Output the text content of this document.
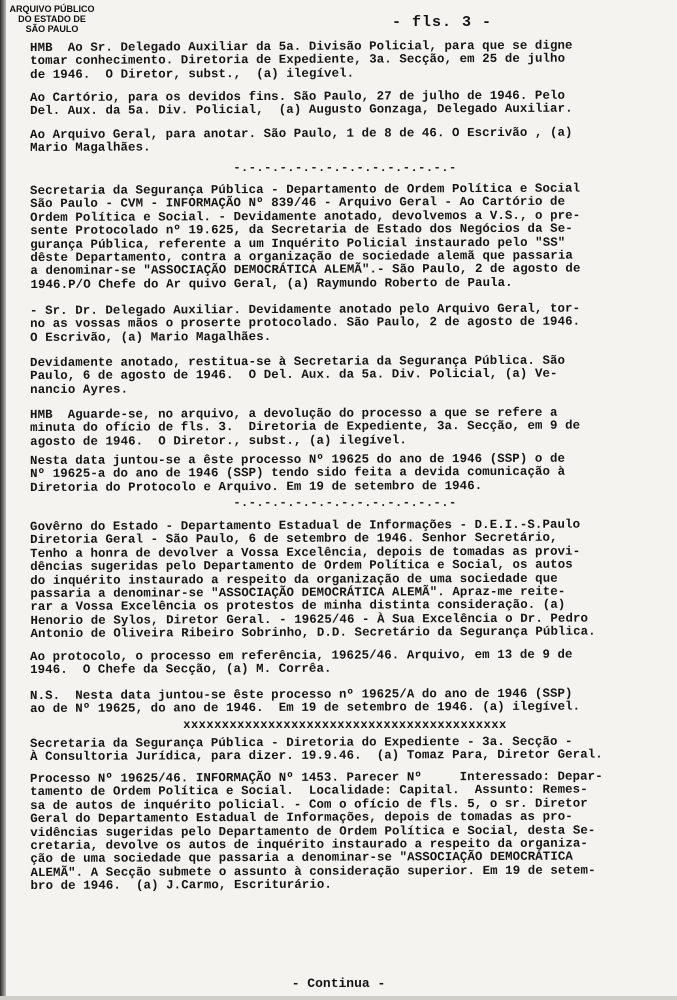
ARQUIVO PÚBLICO
DO ESTADO DE
SÃO PAULO	- fls. 3 -

HMB  Ao Sr. Delegado Auxiliar da 5a. Divisão Policial, para que se digne
tomar conhecimento. Diretoria de Expediente, 3a. Secção, em 25 de julho
de 1946.  O Diretor, subst.,  (a) ilegível.

Ao Cartório, para os devidos fins. São Paulo, 27 de julho de 1946. Pelo
Del. Aux. da 5a. Div. Policial,  (a) Augusto Gonzaga, Delegado Auxiliar.

Ao Arquivo Geral, para anotar. São Paulo, 1 de 8 de 46. O Escrivão , (a)
Mario Magalhães.

-.-.-.-.-.-.-.-.-.-.-.-.-.-.-

Secretaria da Segurança Pública - Departamento de Ordem Política e Social
São Paulo - CVM - INFORMAÇÃO Nº 839/46 - Arquivo Geral - Ao Cartório de
Ordem Política e Social. - Devidamente anotado, devolvemos a V.S., o pre-
sente Protocolado nº 19.625, da Secretaria de Estado dos Negócios da Se-
gurança Pública, referente a um Inquérito Policial instaurado pelo "SS"
dêste Departamento, contra a organização de sociedade alemã que passaria
a denominar-se "ASSOCIAÇÃO DEMOCRÁTICA ALEMÃ".- São Paulo, 2 de agosto de
1946.P/O Chefe do Ar quivo Geral, (a) Raymundo Roberto de Paula.

- Sr. Dr. Delegado Auxiliar. Devidamente anotado pelo Arquivo Geral, tor-
no as vossas mãos o proserte protocolado. São Paulo, 2 de agosto de 1946.
O Escrivão, (a) Mario Magalhães.

Devidamente anotado, restitua-se à Secretaria da Segurança Pública. São
Paulo, 6 de agosto de 1946.  O Del. Aux. da 5a. Div. Policial, (a) Ve-
nancio Ayres.

HMB  Aguarde-se, no arquivo, a devolução do processo a que se refere a
minuta do ofício de fls. 3.  Diretoria de Expediente, 3a. Secção, em 9 de
agosto de 1946.  O Diretor., subst., (a) ilegível.

Nesta data juntou-se a êste processo Nº 19625 do ano de 1946 (SSP) o de
Nº 19625-a do ano de 1946 (SSP) tendo sido feita a devida comunicação à
Diretoria do Protocolo e Arquivo. Em 19 de setembro de 1946.

-.-.-.-.-.-.-.-.-.-.-.-.-.-.-

Govêrno do Estado - Departamento Estadual de Informações - D.E.I.-S.Paulo
Diretoria Geral - São Paulo, 6 de setembro de 1946. Senhor Secretário,
Tenho a honra de devolver a Vossa Excelência, depois de tomadas as provi-
dências sugeridas pelo Departamento de Ordem Política e Social, os autos
do inquérito instaurado a respeito da organização de uma sociedade que
passaria a denominar-se "ASSOCIAÇÃO DEMOCRÁTICA ALEMÃ". Apraz-me reite-
rar a Vossa Excelência os protestos de minha distinta consideração. (a)
Henorio de Sylos, Diretor Geral. - 19625/46 - À Sua Excelência o Dr. Pedro
Antonio de Oliveira Ribeiro Sobrinho, D.D. Secretário da Segurança Pública.

Ao protocolo, o processo em referência, 19625/46. Arquivo, em 13 de 9 de
1946.  O Chefe da Secção, (a) M. Corrêa.

N.S.  Nesta data juntou-se êste processo nº 19625/A do ano de 1946 (SSP)
ao de Nº 19625, do ano de 1946.  Em 19 de setembro de 1946. (a) ilegível.

xxxxxxxxxxxxxxxxxxxxxxxxxxxxxxxxxxxxxxxxxx

Secretaria da Segurança Pública - Diretoria do Expediente - 3a. Secção -
À Consultoria Jurídica, para dizer. 19.9.46.  (a) Tomaz Para, Diretor Geral.

Processo Nº 19625/46. INFORMAÇÃO Nº 1453. Parecer Nº     Interessado: Depar-
tamento de Ordem Política e Social.  Localidade: Capital.  Assunto: Remes-
sa de autos de inquérito policial. - Com o ofício de fls. 5, o sr. Diretor
Geral do Departamento Estadual de Informações, depois de tomadas as pro-
vidências sugeridas pelo Departamento de Ordem Política e Social, desta Se-
cretaria, devolve os autos de inquérito instaurado a respeito da organiza-
ção de uma sociedade que passaria a denominar-se "ASSOCIAÇÃO DEMOCRÁTICA
ALEMÃ". A Secção submete o assunto à consideração superior. Em 19 de setem-
bro de 1946.  (a) J.Carmo, Escriturário.

- Continua -
